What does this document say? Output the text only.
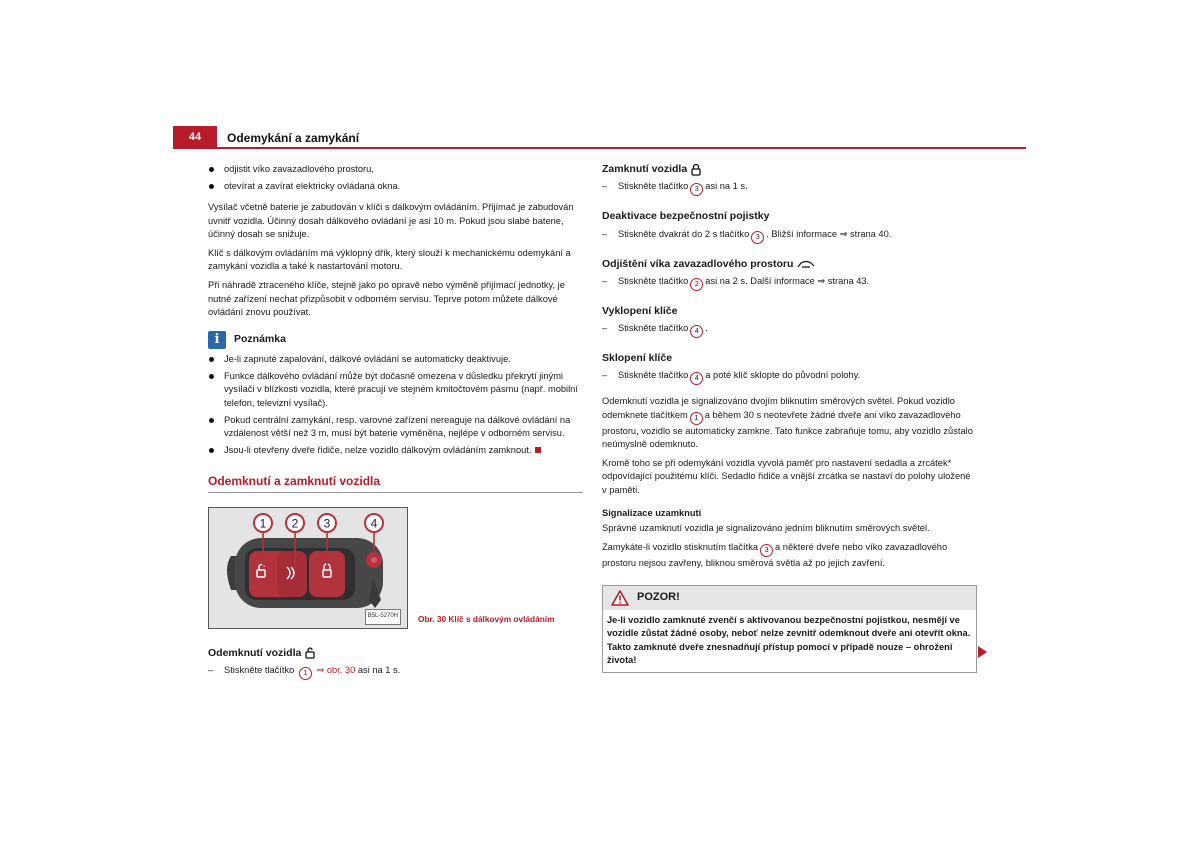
44	Odemykání a zamykání
odjistit víko zavazadlového prostoru,
otevírat a zavírat elektricky ovládaná okna.

Vysílač včetně baterie je zabudován v klíči s dálkovým ovládáním. Přijímač je zabudován uvnitř vozidla. Účinný dosah dálkového ovládání je asi 10 m. Pokud jsou slabé baterie, účinný dosah se snižuje.

Klíč s dálkovým ovládáním má výklopný dřík, který slouží k mechanickému odemykání a zamykání vozidla a také k nastartování motoru.

Při náhradě ztraceného klíče, stejně jako po opravě nebo výměně přijímací jednotky, je nutné zařízení nechat přizpůsobit v odborném servisu. Teprve potom můžete dálkové ovládání znovu používat.

i	Poznámka
Je-li zapnuté zapalování, dálkové ovládání se automaticky deaktivuje.
Funkce dálkového ovládání může být dočasně omezena v důsledku překrytí jinými vysílači v blízkosti vozidla, které pracují ve stejném kmitočtovém pásmu (např. mobilní telefon, televizní vysílač).
Pokud centrální zamykání, resp. varovné zařízení nereaguje na dálkové ovládání na vzdálenost větší než 3 m, musí být baterie vyměněna, nejlépe v odborném servisu.
Jsou-li otevřeny dveře řidiče, nelze vozidlo dálkovým ovládáním zamknout.
Odemknutí a zamknutí vozidla
1 2 3	4
B5L-5270H	Obr. 30 Klíč s dálkovým ovládáním
Odemknutí vozidla
– Stiskněte tlačítko 1 ⇒ obr. 30 asi na 1 s.
Zamknutí vozidla
– Stiskněte tlačítko 3 asi na 1 s.
Deaktivace bezpečnostní pojistky
– Stiskněte dvakrát do 2 s tlačítko 3 . Bližší informace ⇒ strana 40.
Odjištění víka zavazadlového prostoru
– Stiskněte tlačítko 2 asi na 2 s. Další informace ⇒ strana 43.
Vyklopení klíče
– Stiskněte tlačítko 4 .
Sklopení klíče
– Stiskněte tlačítko 4 a poté klíč sklopte do původní polohy.

Odemknutí vozidla je signalizováno dvojím bliknutím směrových světel. Pokud vozidlo odemknete tlačítkem 1 a během 30 s neotevřete žádné dveře ani víko zavazadlového prostoru, vozidlo se automaticky zamkne. Tato funkce zabraňuje tomu, aby vozidlo zůstalo neúmyslně odemknuto.

Kromě toho se při odemykání vozidla vyvolá paměť pro nastavení sedadla a zrcátek* odpovídající použitému klíči. Sedadlo řidiče a vnější zrcátka se nastaví do polohy uložené v paměti.

Signalizace uzamknutí

Správné uzamknutí vozidla je signalizováno jedním bliknutím směrových světel.

Zamykáte-li vozidlo stisknutím tlačítka 3 a některé dveře nebo víko zavazadlového prostoru nejsou zavřeny, bliknou směrová světla až po jejich zavření.

POZOR!
Je-li vozidlo zamknuté zvenčí s aktivovanou bezpečnostní pojistkou, nesmějí ve vozidle zůstat žádné osoby, neboť nelze zevnitř odemknout dveře ani otevřít okna. Takto zamknuté dveře znesnadňují přístup pomocí v případě nouze – ohrožení života!
